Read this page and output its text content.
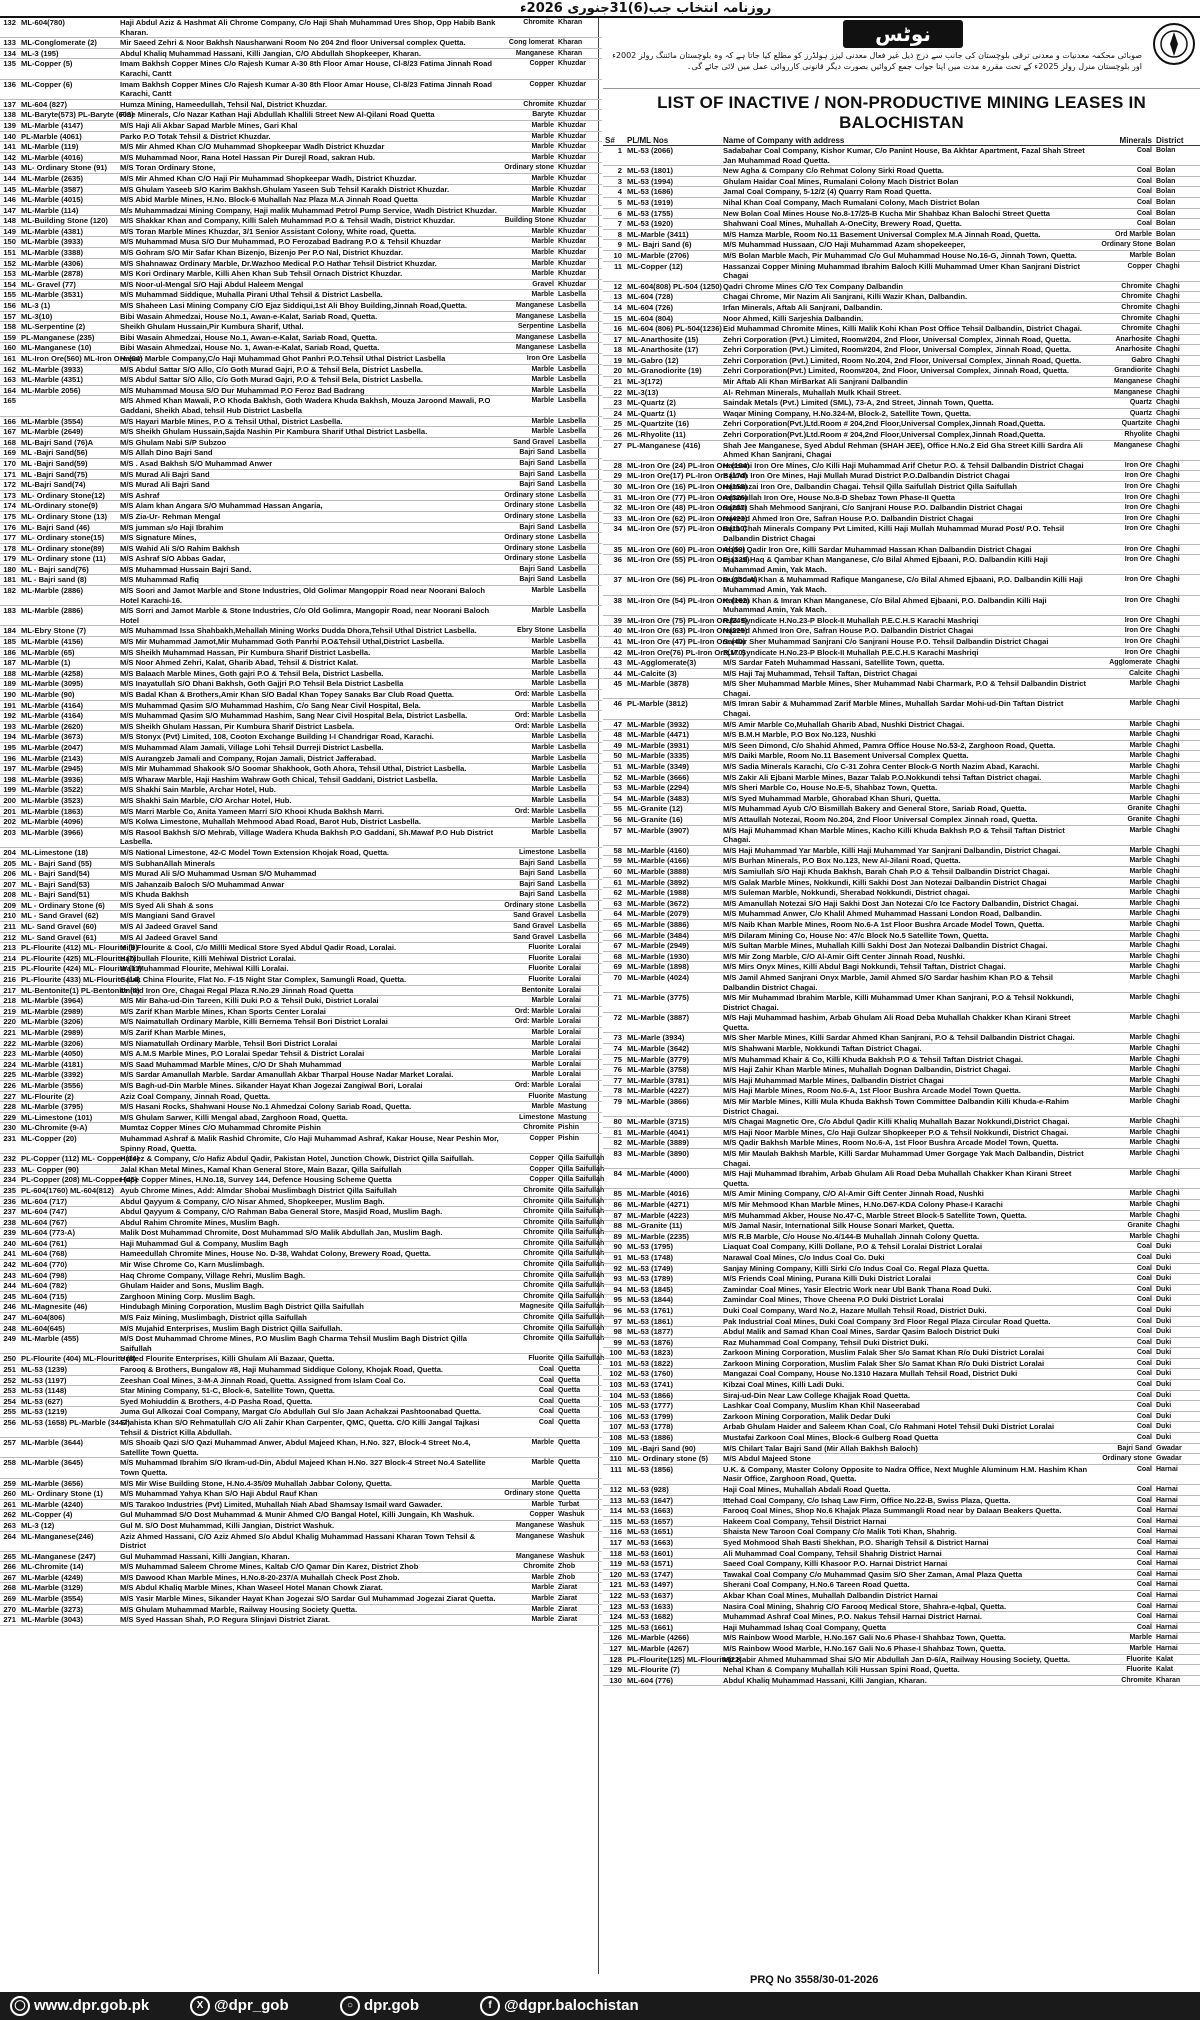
روزنامہ انتخاب جب(6)31جنوری 2026ء
132	ML-604(780)	Haji Abdul Aziz & Hashmat Ali Chrome Company, C/o Haji Shah Muhammad Ures Shop, Opp Habib Bank Kharan.	Chromite	Kharan
133	ML-Conglomerate (2)	Mir Saeed Zehri & Noor Bakhsh Nausharwani Room No 204 2nd floor Universal complex Quetta.	Cong lomerat	Kharan
134	ML-3 (195)	Abdul Khaliq Muhammad Hassani, Killi Jangian, C/O Abdullah Shopkeeper, Kharan.	Manganese	Kharan
135	ML-Copper (5)	Imam Bakhsh Copper Mines C/o Rajesh Kumar A-30 8th Floor Amar House, Cl-8/23 Fatima Jinnah Road Karachi, Cantt	Copper	Khuzdar
136	ML-Copper (6)	Imam Bakhsh Copper Mines C/o Rajesh Kumar A-30 8th Floor Amar House, Cl-8/23 Fatima Jinnah Road Karachi, Cantt	Copper	Khuzdar
137	ML-604 (827)	Humza Mining, Hameedullah, Tehsil Nal, District Khuzdar.	Chromite	Khuzdar
138	ML-Baryte(573) PL-Baryte (603)	Fine Minerals, C/o Nazar Kathan Haji Abdullah Khallili Street New Al-Qilani Road Quetta	Baryte	Khuzdar
139	ML-Marble (4147)	M/S Haji Ali Akbar Sapad Marble Mines, Gari Khal	Marble	Khuzdar
140	PL-Marble (4061)	Parko P.O Totak Tehsil & District Khuzdar.	Marble	Khuzdar
141	ML-Marble (119)	M/S Mir Ahmed Khan C/O Muhammad Shopkeepar Wadh District Khuzdar	Marble	Khuzdar
142	ML-Marble (4016)	M/S Muhammad Noor, Rana Hotel Hassan Pir Durejl Road, sakran Hub.	Marble	Khuzdar
143	ML- Ordinary Stone (91)	M/S Toran Ordinary Stone,	Ordinary stone	Khuzdar
144	ML-Marble (2635)	M/S Mir Ahmed Khan C/O Haji Pir Muhammad Shopkeepar Wadh, District Khuzdar.	Marble	Khuzdar
145	ML-Marble (3587)	M/S Ghulam Yaseeb S/O Karim Bakhsh.Ghulam Yaseen Sub Tehsil Karakh District Khuzdar.	Marble	Khuzdar
146	ML-Marble (4015)	M/S Abid Marble Mines, H.No. Block-6 Muhallah Naz Plaza M.A Jinnah Road Quetta	Marble	Khuzdar
147	ML-Marble (114)	M/s Muhammadzai Mining Company, Haji malik Muhammad Petrol Pump Service, Wadh District Khuzdar.	Marble	Khuzdar
148	ML-Building Stone (120)	M/S Shakkar Khan and Company, Killi Saleh Muhammad P.O & Tehsil Wadh, District Khuzdar.	Building Stone	Khuzdar
149	ML-Marble (4381)	M/S Toran Marble Mines Khuzdar, 3/1 Senior Assistant Colony, White road, Quetta.	Marble	Khuzdar
150	ML-Marble (3933)	M/S Muhammad Musa S/O Dur Muhammad, P.O Ferozabad Badrang P.O & Tehsil Khuzdar	Marble	Khuzdar
151	ML-Marble (3388)	M/S Gohram S/O Mir Safar Khan Bizenjo, Bizenjo Per P.O Nal, District Khuzdar.	Marble	Khuzdar
152	ML-Marble (4306)	M/S Shahnawaz Ordinary Marble, Dr.Wazhoo Medical P.O Hathar Tehsil District Khuzdar.	Marble	Khuzdar
153	ML-Marble (2878)	M/S Kori Ordinary Marble, Killi Ahen Khan Sub Tehsil Ornach District Khuzdar.	Marble	Khuzdar
154	ML- Gravel (77)	M/S Noor-ul-Mengal S/O Haji Abdul Haleem Mengal	Gravel	Khuzdar
155	ML-Marble (3531)	M/S Muhammad Siddique, Muhalla Pirani Uthal Tehsil & District Lasbella.	Marble	Lasbella
156	ML-3 (1)	M/S Shaheen Lasi Mining Company C/O Ejaz Siddiqui,1st Ali Bhoy Building,Jinnah Road,Quetta.	Manganese	Lasbella
157	ML-3(10)	Bibi Wasain Ahmedzai, House No.1, Awan-e-Kalat, Sariab Road, Quetta.	Manganese	Lasbella
158	ML-Serpentine (2)	Sheikh Ghulam Hussain,Pir Kumbura Sharif, Uthal.	Serpentine	Lasbella
159	PL-Manganese (235)	Bibi Wasain Ahmedzai, House No.1, Awan-e-Kalat, Sariab Road, Quetta.	Manganese	Lasbella
160	ML-Manganese (10)	Bibi Wasain Ahmedzai, House No. 1, Awan-e-Kalat, Sariab Road, Quetta.	Manganese	Lasbella
161	ML-Iron Ore(560) ML-Iron Ore (64)	Hasan Marble Company,C/o Haji Muhammad Ghot Panhri P.O.Tehsil Uthal District Lasbella	Iron Ore	Lasbella
162	ML-Marble (3933)	M/S Abdul Sattar S/O Allo, C/o Goth Murad Gajri, P.O & Tehsil Bela, District Lasbella.	Marble	Lasbella
163	ML-Marble (4351)	M/S Abdul Sattar S/O Allo, C/o Goth Murad Gajri, P.O & Tehsil Bela, District Lasbella.	Marble	Lasbella
164	ML-Marble 2056)	M/S Muhammad Mousa S/O Dur Muhammad P.O Feroz Bad Badrang	Marble	Lasbella
165		M/S Ahmed Khan Mawali, P.O Khoda Bakhsh, Goth Wadera Khuda Bakhsh, Mouza Jaroond Mawali, P.O Gaddani, Sheikh Abad, tehsil Hub District Lasbella	Marble	Lasbella
166	ML-Marble (3554)	M/S Hayari Marble Mines, P.O & Tehsil Uthal, District Lasbella.	Marble	Lasbella
167	ML-Marble (2649)	M/S Sheikh Ghulam Hussain,Sajda Nashin Pir Kambura Sharif Uthal District Lasbella.	Marble	Lasbella
168	ML-Bajri Sand (76)A	M/S Ghulam Nabi S/P Subzoo	Sand Gravel	Lasbella
169	ML -Bajri Sand(56)	M/S Allah Dino Bajri Sand	Bajri Sand	Lasbella
170	ML -Bajri Sand(59)	M/S . Asad Bakhsh S/O Muhammad Anwer	Bajri Sand	Lasbella
171	ML -Bajri Sand(75)	M/S Murad Ali Bajri Sand	Bajri Sand	Lasbella
172	ML-Bajri Sand(74)	M/S Murad Ali Bajri Sand	Bajri Sand	Lasbella
173	ML- Ordinary Stone(12)	M/S Ashraf	Ordinary stone	Lasbella
174	ML-Ordinary stone(9)	M/S Alam khan Angara S/O Muhammad Hassan Angaria,	Ordinary stone	Lasbella
175	ML- Ordinary Stone (13)	M/S Zia-Ur- Rehman Mengal	Ordinary stone	Lasbella
176	ML- Bajri Sand (46)	M/S jumman s/o Haji Ibrahim	Bajri Sand	Lasbella
177	ML- Ordinary stone(15)	M/S Signature Mines,	Ordinary stone	Lasbella
178	ML- Ordinary stone(89)	M/S Wahid Ali S/O Rahim Bakhsh	Ordinary stone	Lasbella
179	ML- Ordinary stone (11)	M/S Ashraf S/O Abbas Gadar,	Ordinary stone	Lasbella
180	ML - Bajri sand(76)	M/S Muhammad Hussain Bajri Sand.	Bajri Sand	Lasbella
181	ML - Bajri sand (8)	M/S Muhammad Rafiq	Bajri Sand	Lasbella
182	ML-Marble (2886)	M/S Soori and Jamot Marble and Stone Industries, Old Golimar Mangoppir Road near Noorani Baloch Hotel Karachi-16.	Marble	Lasbella
183	ML-Marble (2886)	M/S Sorri and Jamot Marble & Stone Industries, C/o Old Golimra, Mangopir Road, near Noorani Baloch Hotel	Marble	Lasbella
184	ML-Ebry Stone (7)	M/S Muhammad Issa Shahbakh,Mehallah Mining Works Dudda Dhora,Tehsil Uthal District Lasbella.	Ebry Stone	Lasbella
185	ML-Marble (4156)	M/S Mir Muhammad Jamot,Mir Muhammad Goth Panrhi P.O&Tehsil Uthal,District Lasbella.	Marble	Lasbella
186	ML-Marble (65)	M/S Sheikh Muhammad Hassan, Pir Kumbura Sharif District Lasbella.	Marble	Lasbella
187	ML-Marble (1)	M/S Noor Ahmed Zehri, Kalat, Gharib Abad, Tehsil & District Kalat.	Marble	Lasbella
188	ML-Marble (4258)	M/S Balaach Marble Mines, Goth gajri P.O & Tehsil Bela, District Lasbella.	Marble	Lasbella
189	ML-Marble (3095)	M/S Inayatullah S/O Dhani Bakhsh, Goth Gajjri P.O Tehsil Bela District Lasbella	Marble	Lasbella
190	ML-Marble (90)	M/S Badal Khan & Brothers,Amir Khan S/O Badal Khan Topey Sanaks Bar Club Road Quetta.	Ord: Marble	Lasbella
191	ML-Marble (4164)	M/S Muhammad Qasim S/O Muhammad Hashim, C/o Sang Near Civil Hospital, Bela.	Marble	Lasbella
192	ML-Marble (4164)	M/S Muhammad Qasim S/O Muhammad Hashim, Sang Near Civil Hospital Bela, District Lasbella.	Ord: Marble	Lasbella
193	ML-Marble (2620)	M/S Sheikh Ghulam Hassan, Pir Kumbura Sharif District Lasbela.	Ord: Marble	Lasbella
194	ML-Marble (3673)	M/S Stonyx (Pvt) Limited, 108, Cooton Exchange Building I-I Chandrigar Road, Karachi.	Marble	Lasbella
195	ML-Marble (2047)	M/S Muhammad Alam Jamali, Village Lohi Tehsil Durreji District Lasbella.	Marble	Lasbella
196	ML-Marble (2143)	M/S Aurangzeb Jamali and Company, Rojan Jamali, District Jafferabad.	Marble	Lasbella
197	ML-Marble (2945)	M/S Mir Muhammad Shakook S/O Soomar Shakhook, Goth Ahora, Tehsil Uthal, District Lasbella.	Marble	Lasbella
198	ML-Marble (3936)	M/S Wharaw Marble, Haji Hashim Wahraw Goth Chical, Tehsil Gaddani, District Lasbella.	Marble	Lasbella
199	ML-Marble (3522)	M/S Shakhi Sain Marble, Archar Hotel, Hub.	Marble	Lasbella
200	ML-Marble (3523)	M/S Shakhi Sain Marble, C/O Archar Hotel, Hub.	Marble	Lasbella
201	ML-Marble (1863)	M/S Marri Marble Co, Anita Yameen Marri S/O Khooi Khuda Bakhsh Marri.	Ord: Marble	Lasbella
202	ML-Marble (4096)	M/S Kolwa Limestone, Muhallah Mehmood Abad Road, Barot Hub, District Lasbella.	Marble	Lasbella
203	ML-Marble (3966)	M/S Rasool Bakhsh S/O Mehrab, Village Wadera Khuda Bakhsh P.O Gaddani, Sh.Mawaf P.O Hub District Lasbella.	Marble	Lasbella
204	ML-Limestone (18)	M/S National Limestone, 42-C Model Town Extension Khojak Road, Quetta.	Limestone	Lasbella
205	ML - Bajri Sand (55)	M/S SubhanAllah Minerals	Bajri Sand	Lasbella
206	ML - Bajri Sand(54)	M/S Murad Ali S/O Muhammad Usman S/O Muhammad	Bajri Sand	Lasbella
207	ML - Bajri Sand(53)	M/S Jahanzaib Baloch S/O Muhammad Anwar	Bajri Sand	Lasbella
208	ML - Bajri Sand(51)	M/S Khuda Bakhsh	Bajri Sand	Lasbella
209	ML - Ordinary Stone (6)	M/S Syed Ali Shah & sons	Ordinary stone	Lasbella
210	ML - Sand Gravel (62)	M/S Mangiani Sand Gravel	Sand Gravel	Lasbella
211	ML- Sand Gravel (60)	M/S Al Jadeed Gravel Sand	Sand Gravel	Lasbella
212	ML- Sand Gravel (61)	M/S Al Jadeed Gravel Sand	Sand Gravel	Lasbella
213	PL-Flourite (412) ML- Flourite (9)	Milli Flourite & Cool, C/o Millli Medical Store Syed Abdul Qadir Road, Loralai.	Fluorite	Loralai
214	PL-Flourite (425) ML-Flourite (7)	Habibullah Flourite, Killi Mehiwal District Loralai.	Fluorite	Loralai
215	PL-Flourite (424) ML- Flourite (11)	Wali Muhammad Flourite, Mehiwal Killi Loralai.	Fluorite	Loralai
216	PL-Flourite (433) ML-Flourite (14)	Galak China Flourite, Flat No. F-15 Night Star Complex, Samungli Road, Quetta.	Fluorite	Loralai
217	ML-Bentonite(1) PL-Bentonite (4)	United Iron Ore, Chagai Regal Plaza R.No.29 Jinnah Road Quetta	Bentonite	Loralai
218	ML-Marble (3964)	M/S Mir Baha-ud-Din Tareen, Killi Duki P.O & Tehsil Duki, District Loralai	Marble	Loralai
219	ML-Marble (2989)	M/S Zarif Khan Marble Mines, Khan Sports Center Loralai	Ord: Marble	Loralai
220	ML-Marble (3206)	M/S Naimatullah Ordinary Marble, Killi Bernema Tehsil Bori District Loralai	Ord: Marble	Loralai
221	ML-Marble (2989)	M/S Zarif Khan Marble Mines,	Marble	Loralai
222	ML-Marble (3206)	M/S Niamatullah Ordinary Marble, Tehsil Bori District Loralai	Marble	Loralai
223	ML-Marble (4050)	M/S A.M.S Marble Mines, P.O Loralai Spedar Tehsil & District Loralai	Marble	Loralai
224	ML-Marble (4181)	M/S Saad Muhammad Marble Mines, C/O Dr Shah Muhammad	Marble	Loralai
225	ML-Marble (3392)	M/S Sardar Amanullah Marble. Sardar Amanullah Akbar Tharpal House Nadar Market Loralai.	Marble	Loralai
226	ML-Marble (3556)	M/S Bagh-ud-Din Marble Mines. Sikander Hayat Khan Jogezai Zangiwal Bori, Loralai	Ord: Marble	Loralai
227	ML-Flourite (2)	Aziz Coal Company, Jinnah Road, Quetta.	Fluorite	Mastung
228	ML-Marble (3795)	M/S Hasani Rocks, Shahwani House No.1 Ahmedzai Colony Sariab Road, Quetta.	Marble	Mastung
229	ML-Limestone (101)	M/S Ghulam Sarwer, Killi Mengal abad, Zarghoon Road, Quetta.	Limestone	Mastung
230	ML-Chromite (9-A)	Mumtaz Copper Mines C/O Muhammad Chromite Pishin	Chromite	Pishin
231	ML-Copper (20)	Muhammad Ashraf & Malik Rashid Chromite, C/o Haji Muhammad Ashraf, Kakar House, Near Peshin Mor, Spinny Road, Quetta.	Copper	Pishin
232	PL-Copper (112) ML- Copper (14)	Hafeez & Company, C/o Hafiz Abdul Qadir, Pakistan Hotel, Junction Chowk, District Qilla Saifullah.	Copper	Qilla Saifullah
233	ML- Copper (90)	Jalal Khan Metal Mines, Kamal Khan General Store, Main Bazar, Qilla Saifullah	Copper	Qilla Saifullah
234	PL-Copper (208) ML-Copper (45)	Hope Copper Mines, H.No.18, Survey 144, Defence Housing Scheme Quetta	Copper	Qilla Saifullah
235	PL-604(1760) ML-604(812)	Ayub Chrome Mines, Add: Almdar Shobai Muslimbagh District Qilla Saifullah	Chromite	Qilla Saifullah
236	ML-604 (717)	Abdul Qayyum & Company, C/O Nisar Ahmed, Shopkeeper, Muslim Bagh.	Chromite	Qilla Saifullah
237	ML-604 (747)	Abdul Qayyum & Company, C/O Rahman Baba General Store, Masjid Road, Muslim Bagh.	Chromite	Qilla Saifullah
238	ML-604 (767)	Abdul Rahim Chromite Mines, Muslim Bagh.	Chromite	Qilla Saifullah
239	ML-604 (773-A)	Malik Dost Muhammad Chromite, Dost Muhammad S/O Malik Abdullah Jan, Muslim Bagh.	Chromite	Qilla Saifullah
240	ML-604 (761)	Haji Muhammad Gul & Company, Muslim Bagh	Chromite	Qilla Saifullah
241	ML-604 (768)	Hameedullah Chromite Mines, House No. D-38, Wahdat Colony, Brewery Road, Quetta.	Chromite	Qilla Saifullah
242	ML-604 (770)	Mir Wise Chrome Co, Karn Muslimbagh.	Chromite	Qilla Saifullah
243	ML-604 (798)	Haq Chrome Company, Village Rehri, Muslim Bagh.	Chromite	Qilla Saifullah
244	ML-604 (782)	Ghulam Haider and Sons, Muslim Bagh.	Chromite	Qilla Saifullah
245	ML-604 (715)	Zarghoon Mining Corp. Muslim Bagh.	Chromite	Qilla Saifullah
246	ML-Magnesite (46)	Hindubagh Mining Corporation, Muslim Bagh District Qilla Saifullah	Magnesite	Qilla Saifullah
247	ML-604(806)	M/S Faiz Mining, Muslimbagh, District qilla Saifullah	Chromite	Qilla Saifullah
248	ML-604(645)	M/S Mujahid Enterprises, Muslim Bagh District Qilla Saifullah.	Chromite	Qilla Saifullah
249	ML-Marble (455)	M/S Dost Muhammad Chrome Mines, P.O Muslim Bagh Charma Tehsil Muslim Bagh District Qilla Saifullah	Chromite	Qilla Saifullah
250	PL-Flourite (404) ML-Flourite (8)	United Flourite Enterprises, Killi Ghulam Ali Bazaar, Quetta.	Fluorite	Qilla Saifullah
251	ML-53 (1239)	Farooq & Brothers, Bungalow #8, Haji Muhammad Siddique Colony, Khojak Road, Quetta.	Coal	Quetta
252	ML-53 (1197)	Zeeshan Coal Mines, 3-M-A Jinnah Road, Quetta. Assigned from Islam Coal Co.	Coal	Quetta
253	ML-53 (1148)	Star Mining Company, 51-C, Block-6, Satellite Town, Quetta.	Coal	Quetta
254	ML-53 (627)	Syed Mohiuddin & Brothers, 4-D Pasha Road, Quetta.	Coal	Quetta
255	ML-53 (1219)	Juma Gul Alkozai Coal Company, Margat C/o Abdullah Gul S/o Jaan Achakzai Pashtoonabad Quetta.	Coal	Quetta
256	ML-53 (1658) PL-Marble (3447)	Shahista Khan S/O Rehmatullah C/O Ali Zahir Khan Carpenter, QMC, Quetta. C/O Killi Jangal Tajkasi Tehsil & District Killa Abdullah.	Coal	Quetta
257	ML-Marble (3644)	M/S Shoaib Qazi S/O Qazi Muhammad Anwer, Abdul Majeed Khan, H.No. 327, Block-4 Street No.4, Satellite Town Quetta.	Marble	Quetta
258	ML-Marble (3645)	M/S Muhammad Ibrahim S/O Ikram-ud-Din, Abdul Majeed Khan H.No. 327 Block-4 Street No.4 Satellite Town Quetta.	Marble	Quetta
259	ML-Marble (3656)	M/S Mir Wise Building Stone, H.No.4-35/09 Muhallah Jabbar Colony, Quetta.	Marble	Quetta
260	ML- Ordinary Stone (1)	M/S Muhammad Yahya Khan S/O Haji Abdul Rauf Khan	Ordinary stone	Quetta
261	ML-Marble (4240)	M/S Tarakoo Industries (Pvt) Limited, Muhallah Niah Abad Shamsay Ismail ward Gawader.	Marble	Turbat
262	ML-Copper (4)	Gul Muhammad S/O Dost Muhammad & Munir Ahmed C/O Bangal Hotel, Killi Jungain, Kh Washuk.	Copper	Washuk
263	ML-3 (12)	Gul M. S/O Dost Muhammad, Killi Jangian, District Washuk.	Manganese	Washuk
264	ML-Manganese(246)	Aziz Ahmed Hassani, C/O Aziz Ahmed S/o Abdul Khalig Muhammad Hassani Kharan Town Tehsil & District	Manganese	Washuk
265	ML-Manganese (247)	Gul Muhammad Hassani, Killi Jangian, Kharan.	Manganese	Washuk
266	ML-Chromite (14)	M/S Muhammad Saleem Chrome Mines, Kaltab C/O Qamar Din Karez, District Zhob	Chromite	Zhob
267	ML-Marble (4249)	M/S Dawood Khan Marble Mines, H.No.8-20-237/A Muhallah Check Post Zhob.	Marble	Zhob
268	ML-Marble (3129)	M/S Abdul Khaliq Marble Mines, Khan Waseel Hotel Manan Chowk Ziarat.	Marble	Ziarat
269	ML-Marble (3554)	M/S Yasir Marble Mines, Sikander Hayat Khan Jogezai S/O Sardar Gul Muhammad Jogezai Ziarat Quetta.	Marble	Ziarat
270	ML-Marble (3273)	M/S Ghulam Muhammad Marble, Railway Housing Society Quetta.	Marble	Ziarat
271	ML-Marble (3043)	M/S Syed Hassan Shah, P.O Regura Slinjavi District Ziarat.	Marble	Ziarat
نوٹس
صوبائی محکمہ معدنیات و معدنی ترقی بلوچستان کی جانب سے درج ذیل غیر فعال معدنی لیزز ہولڈرز کو مطلع کیا جاتا ہے کہ وہ بلوچستان مائننگ رولز 2002ء اور بلوچستان منرل رولز 2025ء کے تحت مقررہ مدت میں اپنا جواب جمع کروائیں بصورت دیگر قانونی کارروائی عمل میں لائی جائے گی۔
LIST OF INACTIVE / NON-PRODUCTIVE MINING LEASES IN BALOCHISTAN
S#	PL/ML Nos	Name of Company with address	Minerals	District
1	ML-53 (2066)	Sadabahar Coal Company, Kishor Kumar, C/o Panint House, Ba Akhtar Apartment, Fazal Shah Street Jan Muhammad Road Quetta.	Coal	Bolan
2	ML-53 (1801)	New Agha & Company C/o Rehmat Colony Sirki Road Quetta.	Coal	Bolan
3	ML-53 (1994)	Ghulam Haidar Coal Mines, Rumalani Colony Mach District Bolan	Coal	Bolan
4	ML-53 (1686)	Jamal Coal Company, 5-12/2 (4) Quarry Ram Road Quetta.	Coal	Bolan
5	ML-53 (1919)	Nihal Khan Coal Company, Mach Rumalani Colony, Mach District Bolan	Coal	Bolan
6	ML-53 (1755)	New Bolan Coal Mines House No.8-17/25-B Kucha Mir Shahbaz Khan Balochi Street Quetta	Coal	Bolan
7	ML-53 (1920)	Shahwani Coal Mines, Muhallah A-OneCity, Brewery Road, Quetta.	Coal	Bolan
8	ML-Marble (3411)	M/S Hamza Marble, Room No.11 Basement Universal Complex M.A Jinnah Road, Quetta.	Ord Marble	Bolan
9	ML- Bajri Sand (6)	M/S Muhammad Hussaan, C/O Haji Muhammad Azam shopekeeper,	Ordinary Stone	Bolan
10	ML-Marble (2706)	M/S Bolan Marble Mach, Pir Muhammad C/o Gul Muhammad House No.16-G, Jinnah Town, Quetta.	Marble	Bolan
11	ML-Copper (12)	Hassanzai Copper Mining Muhammad Ibrahim Baloch Killi Muhammad Umer Khan Sanjrani District Chagai	Copper	Chaghi
12	ML-604(808) PL-504 (1250)	Qadri Chrome Mines C/O Tex Company Dalbandin	Chromite	Chaghi
13	ML-604 (728)	Chagai Chrome, Mir Nazim Ali Sanjrani, Killi Wazir Khan, Dalbandin.	Chromite	Chaghi
14	ML-604 (726)	Irfan Minerals, Aftab Ali Sanjrani, Dalbandin.	Chromite	Chaghi
15	ML-604 (804)	Noor Ahmed, Killi Sarjeshia Dalbandin.	Chromite	Chaghi
16	ML-604 (806) PL-504(1236)	Eid Muhammad Chromite Mines, Killi Malik Kohi Khan Post Office Tehsil Dalbandin, District Chagai.	Chromite	Chaghi
17	ML-Anarthosite (15)	Zehri Corporation (Pvt.) Limited, Room#204, 2nd Floor, Universal Complex, Jinnah Road, Quetta.	Anarhosite	Chaghi
18	ML-Anarthosite (17)	Zehri Corporation (Pvt.) Limited, Room#204, 2nd Floor, Universal Complex, Jinnah Road, Quetta.	Anarhosite	Chaghi
19	ML-Gabro (12)	Zehri Corporation (Pvt.) Limited, Room No.204, 2nd Floor, Universal Complex, Jinnah Road, Quetta.	Gabro	Chaghi
20	ML-Granodiorite (19)	Zehri Corporation(Pvt.) Limited, Room#204, 2nd Floor, Universal Complex, Jinnah Road, Quetta.	Grandiorite	Chaghi
21	ML-3(172)	Mir Aftab Ali Khan MirBarkat Ali Sanjrani Dalbandin	Manganese	Chaghi
22	ML-3(13)	Al- Rehman Minerals, Muhallah Mulk Khail Street.	Manganese	Chaghi
23	ML-Quartz (2)	Saindak Metals (Pvt.) Limited (SML), 73-A, 2nd Street, Jinnah Town, Quetta.	Quartz	Chaghi
24	ML-Quartz (1)	Waqar Mining Company, H.No.324-M, Block-2, Satellite Town, Quetta.	Quartz	Chaghi
25	ML-Quartzite (16)	Zehri Corporation(Pvt.)Ltd.Room # 204,2nd Floor,Universal Complex,Jinnah Road,Quetta.	Quartzite	Chaghi
26	ML-Rhyolite (11)	Zehri Corporation(Pvt.)Ltd.Room # 204,2nd Floor,Universal Complex,Jinnah Road,Quetta.	Rhyolite	Chaghi
27	PL-Manganese (416)	Shah Jee Manganese, Syed Abdul Rehman (SHAH JEE), Office H.No.2 Eid Gha Street Killi Sardra Ali Ahmed Khan Sanjrani, Chagai	Manganese	Chaghi
28	ML-Iron Ore (24) PL-Iron Ore (194)	Hassani Iron Ore Mines, C/o Killi Haji Muhammad Arif Chetur P.O. & Tehsil Dalbandin District Chagai	Iron Ore	Chaghi
29	ML-Iron Ore(17) PL-Iron Ore (174)	Baloch Iron Ore Mines, Haji Mullah Murad District P.O.Dalbandin District Chagai	Iron Ore	Chaghi
30	ML-Iron Ore (16) PL-Iron Ore(158)	Hamanzai Iron Ore, Dalbandin Chagai. Tehsil Qilla Saifullah District Qilla Saifullah	Iron Ore	Chaghi
31	ML-Iron Ore (77) PL-Iron Ore(326)	Amanullah Iron Ore, House No.8-D Shebaz Town Phase-II Quetta	Iron Ore	Chaghi
32	ML-Iron Ore (48) PL-Iron Ore(287)	Sardar Shah Mehmood Sanjrani, C/o Sanjrani House P.O. Dalbandin District Chagai	Iron Ore	Chaghi
33	ML-Iron Ore (62) PL-Iron Ore(423)	Naveed Ahmed Iron Ore, Safran House P.O. Dalbandin District Chagai	Iron Ore	Chaghi
34	ML-Iron Ore (57) PL-Iron Ore(110)	Barb Chah Minerals Company Pvt Limited, Killi Haji Mullah Muhammad Murad Post/ P.O. Tehsil Dalbandin District Chagai	Iron Ore	Chaghi
35	ML-Iron Ore (60) PL-Iron Ore (59)	Abdul Qadir Iron Ore, Killi Sardar Muhammad Hassan Khan Dalbandin District Chagai	Iron Ore	Chaghi
36	ML-Iron Ore (55) PL-Iron Ore (329)	Ejaz-ul-Haq & Qambar Khan Manganese, C/o Bilal Ahmed Ejbaani, P.O. Dalbandin Killi Haji Muhammad Amin, Yak Mach.	Iron Ore	Chaghi
37	ML-Iron Ore (56) PL-Iron Ore (330-A)	Bughdad Khan & Muhammad Rafique Manganese, C/o Bilal Ahmed Ejbaani, P.O. Dalbandin Killi Haji Muhammad Amin, Yak Mach.	Iron Ore	Chaghi
38	ML-Iron Ore (54) PL-Iron Ore (162)	Kaleem Khan & Imran Khan Manganese, C/o Bilal Ahmed Ejbaani, P.O. Dalbandin Killi Haji Muhammad Amin, Yak Mach.	Iron Ore	Chaghi
39	ML-Iron Ore (75) PL-Iron Ore(249)	R.M. Syndicate H.No.23-P Block-II Muhallah P.E.C.H.S Karachi Mashriqi	Iron Ore	Chaghi
40	ML-Iron Ore (63) PL-Iron Ore(225)	Naveed Ahmed Iron Ore, Safran House P.O. Dalbandin District Chagai	Iron Ore	Chaghi
41	ML-Iron Ore (47) PL-Iron Ore (40)	Sardar Sher Muhammad Sanjrani C/o Sanjrani House P.O. Tehsil Dalbandin District Chagai	Iron Ore	Chaghi
42	ML-Iron Ore(76) PL-Iron Ore(170)	R.M. Syndicate H.No.23-P Block-II Muhallah P.E.C.H.S Karachi Mashriqi	Iron Ore	Chaghi
43	ML-Agglomerate(3)	M/S Sardar Fateh Muhammad Hassani, Satellite Town, quetta.	Agglomerate	Chaghi
44	ML-Calcite (3)	M/S Haji Taj Muhammad, Tehsil Taftan, District Chagai	Calcite	Chaghi
45	ML-Marble (3878)	M/S Sher Muhammad Marble Mines, Sher Muhammad Nabi Charmark, P.O & Tehsil Dalbandin District Chagai.	Marble	Chaghi
46	PL-Marble (3812)	M/S Imran Sabir & Muhammad Zarif Marble Mines, Muhallah Sardar Mohi-ud-Din Taftan District Chagai.	Marble	Chaghi
47	ML-Marble (3932)	M/S Amir Marble Co,Muhallah Gharib Abad, Nushki District Chagai.	Marble	Chaghi
48	ML-Marble (4471)	M/S B.M.H Marble, P.O Box No.123, Nushki	Marble	Chaghi
49	ML-Marble (3931)	M/S Seen Dimond, C/o Shahid Ahmed, Pamra Office House No.53-2, Zarghoon Road, Quetta.	Marble	Chaghi
50	ML-Marble (3335)	M/S Daiki Marble, Room No.11 Basement Universal Complex Quetta.	Marble	Chaghi
51	ML-Marble (3349)	M/S Sadia Minerals Karachi, C/o C-31 Zohra Center Block-G North Nazim Abad, Karachi.	Marble	Chaghi
52	ML-Marble (3666)	M/S Zakir Ali Ejbani Marble Mines, Bazar Talab P.O.Nokkundi tehsi Taftan District chagai.	Marble	Chaghi
53	ML-Marble (2294)	M/S Sheri Marble Co, House No.E-5, Shahbaz Town, Quetta.	Marble	Chaghi
54	ML-Marble (3483)	M/S Syed Muhammad Marble, Ghorabad Khan Shuri, Quetta.	Marble	Chaghi
55	ML-Granite (12)	M/S Muhammad Ayub C/O Bismillah Bakery and General Store, Sariab Road, Quetta.	Granite	Chaghi
56	ML-Granite (16)	M/S Attaullah Notezai, Room No.204, 2nd Floor Universal Complex Jinnah road, Quetta.	Granite	Chaghi
57	ML-Marble (3907)	M/S Haji Muhammad Khan Marble Mines, Kacho Killi Khuda Bakhsh P.O & Tehsil Taftan District Chagai.	Marble	Chaghi
58	ML-Marble (4160)	M/S Haji Muhammad Yar Marble, Killi Haji Muhammad Yar Sanjrani Dalbandin, District Chagai.	Marble	Chaghi
59	ML-Marble (4166)	M/S Burhan Minerals, P.O Box No.123, New Al-Jilani Road, Quetta.	Marble	Chaghi
60	ML-Marble (3888)	M/S Samiullah S/O Haji Khuda Bakhsh, Barah Chah P.O & Tehsil Dalbandin District Chagai.	Marble	Chaghi
61	ML-Marble (3892)	M/S Galak Marble Mines, Nokkundi, Killi Sakhi Dost Jan Notezai Dalbandin District Chagai	Marble	Chaghi
62	ML-Marble (1988)	M/S Suleman Marble, Nokkundi, Sherabad Nokkundi, District chagai.	Marble	Chaghi
63	ML-Marble (3672)	M/S Amanullah Notezai S/O Haji Sakhi Dost Jan Notezai C/o Ice Factory Dalbandin, District Chagai.	Marble	Chaghi
64	ML-Marble (2079)	M/S Muhammad Anwer, C/o Khalil Ahmed Muhammad Hassani London Road, Dalbandin.	Marble	Chaghi
65	ML-Marble (3886)	M/S Naib Khan Marble Mines, Room No.6-A 1st Floor Bushra Arcade Model Town, Quetta.	Marble	Chaghi
66	ML-Marble (3484)	M/S Dilaram Mining Co, House No: 47/c Block No.5 Satellite Town, Quetta.	Marble	Chaghi
67	ML-Marble (2949)	M/S Sultan Marble Mines, Muhallah Killi Sakhi Dost Jan Notezai Dalbandin District Chagai.	Marble	Chaghi
68	ML-Marble (1930)	M/S Mir Zong Marble, C/O Al-Amir Gift Center Jinnah Road, Nushki.	Marble	Chaghi
69	ML-Marble (1898)	M/S Mirs Onyx Mines, Killi Abdul Bagi Nokkundi, Tehsil Taftan, District Chagai.	Marble	Chaghi
70	ML-Marble (4024)	M/S Jamil Ahmed Sanjrani Onyx Marble, Jamil Ahmed S/O Sardar hashim Khan P.O & Tehsil Dalbandin District Chagai.	Marble	Chaghi
71	ML-Marble (3775)	M/S Mir Muhammad Ibrahim Marble, Killi Muhammad Umer Khan Sanjrani, P.O & Tehsil Nokkundi, District Chagai.	Marble	Chaghi
72	ML-Marble (3887)	M/S Haji Muhammad hashim, Arbab Ghulam Ali Road Deba Muhallah Chakker Khan Kirani Street Quetta.	Marble	Chaghi
73	ML-Marle (3934)	M/S Sher Marble Mines, Killi Sardar Ahmed Khan Sanjrani, P.O & Tehsil Dalbandin District Chagai.	Marble	Chaghi
74	ML-Marble (3642)	M/S Shahwani Marble, Nokkundi Taftan District Chagai.	Marble	Chaghi
75	ML-Marble (3779)	M/S Muhammad Khair & Co, Killi Khuda Bakhsh P.O & Tehsil Taftan District Chagai.	Marble	Chaghi
76	ML-Marble (3758)	M/S Haji Zahir Khan Marble Mines, Muhallah Dognan Dalbandin, District Chagai.	Marble	Chaghi
77	ML-Marble (3781)	M/S Haji Muhammad Marble Mines, Dalbandin District Chagai	Marble	Chaghi
78	ML-Marble (4227)	M/S Haji Marble Mines, Room No.6-A, 1st Floor Bushra Arcade Model Town Quetta.	Marble	Chaghi
79	ML-Marble (3866)	M/S Mir Marble Mines, Killi Mula Khuda Bakhsh Town Committee Dalbandin Killi Khuda-e-Rahim District Chagai.	Marble	Chaghi
80	ML-Marble (3715)	M/S Chagai Magnetic Ore, C/o Abdul Qadir Killi Khaliq Muhallah Bazar Nokkundi,District Chagai.	Marble	Chaghi
81	ML-Marble (4041)	M/S Haji Noor Marble Mines, C/o Haji Gulzar Shopkeeper P.O & Tehsil Nokkundi, District Chagai.	Marble	Chaghi
82	ML-Marble (3889)	M/S Qadir Bakhsh Marble Mines, Room No.6-A, 1st Floor Bushra Arcade Model Town, Quetta.	Marble	Chaghi
83	ML-Marble (3890)	M/S Mir Maulah Bakhsh Marble, Killi Sardar Muhammad Umer Gorgage Yak Mach Dalbandin, District Chagai.	Marble	Chaghi
84	ML-Marble (4000)	M/S Haji Muhammad Ibrahim, Arbab Ghulam Ali Road Deba Muhallah Chakker Khan Kirani Street Quetta.	Marble	Chaghi
85	ML-Marble (4016)	M/S Amir Mining Company, C/O Al-Amir Gift Center Jinnah Road, Nushki	Marble	Chaghi
86	ML-Marble (4271)	M/S Mir Mehmood Khan Marble Mines, H.No.D67-KDA Colony Phase-I Karachi	Marble	Chaghi
87	ML-Marble (4223)	M/S Muhammad Akber, House No.47-C, Marble Street Block-5 Satellite Town, Quetta.	Marble	Chaghi
88	ML-Granite (11)	M/S Jamal Nasir, International Silk House Sonari Market, Quetta.	Granite	Chaghi
89	ML-Marble (2235)	M/S R.B Marble, C/o House No.4/144-B Muhallah Jinnah Colony Quetta.	Marble	Chaghi
90	ML-53 (1795)	Liaquat Coal Company, Killi Dollane, P.O & Tehsil Loralai District Loralai	Coal	Duki
91	ML-53 (1748)	Narawal Coal Mines, C/o Indus Coal Co. Duki	Coal	Duki
92	ML-53 (1749)	Sanjay Mining Company, Killi Sirki C/o Indus Coal Co. Regal Plaza Quetta.	Coal	Duki
93	ML-53 (1789)	M/S Friends Coal Mining, Purana Killi Duki District Loralai	Coal	Duki
94	ML-53 (1845)	Zamindar Coal Mines, Yasir Electric Work near Ubl Bank Thana Road Duki.	Coal	Duki
95	ML-53 (1844)	Zamindar Coal Mines, Thove Cheena P.O Duki District Loralai	Coal	Duki
96	ML-53 (1761)	Duki Coal Company, Ward No.2, Hazare Mullah Tehsil Road, District Duki.	Coal	Duki
97	ML-53 (1861)	Pak Industrial Coal Mines, Duki Coal Company 3rd Floor Regal Plaza Circular Road Quetta.	Coal	Duki
98	ML-53 (1877)	Abdul Malik and Samad Khan Coal Mines, Sardar Qasim Baloch District Duki	Coal	Duki
99	ML-53 (1876)	Raz Muhammad Coal Company, Tehsil Duki District Duki.	Coal	Duki
100	ML-53 (1823)	Zarkoon Mining Corporation, Muslim Falak Sher S/o Samat Khan R/o Duki District Loralai	Coal	Duki
101	ML-53 (1822)	Zarkoon Mining Corporation, Muslim Falak Sher S/o Samat Khan R/o Duki District Loralai	Coal	Duki
102	ML-53 (1760)	Mangazai Coal Company, House No.1310 Hazara Mullah Tehsil Road, District Duki	Coal	Duki
103	ML-53 (1741)	Kibzai Coal Mines, Killi Ladi Duki.	Coal	Duki
104	ML-53 (1866)	Siraj-ud-Din Near Law College Khajjak Road Quetta.	Coal	Duki
105	ML-53 (1777)	Lashkar Coal Company, Muslim Khan Khil Naseerabad	Coal	Duki
106	ML-53 (1799)	Zarkoon Mining Corporation, Malik Dedar Duki	Coal	Duki
107	ML-53 (1778)	Arbab Ghulam Haider and Saleem Khan Coal, C/o Rahmani Hotel Tehsil Duki District Loralai	Coal	Duki
108	ML-53 (1886)	Mustafai Zarkoon Coal Mines, Block-6 Gulberg Road Quetta	Coal	Duki
109	ML -Bajri Sand (90)	M/S Chilart Talar Bajri Sand (Mir Allah Bakhsh Baloch)	Bajri Sand	Gwadar
110	ML- Ordinary stone (5)	M/S Abdul Majeed Stone	Ordinary stone	Gwadar
111	ML-53 (1856)	U.K. & Company, Master Colony Opposite to Nadra Office, Next Mughle Aluminum H.M. Hashim Khan Nasir Office, Zarghoon Road, Quetta.	Coal	Harnai
112	ML-53 (928)	Haji Coal Mines, Muhallah Abdali Road Quetta.	Coal	Harnai
113	ML-53 (1647)	Ittehad Coal Company, C/o Ishaq Law Firm, Office No.22-B, Swiss Plaza, Quetta.	Coal	Harnai
114	ML-53 (1663)	Farooq Coal Mines, Shop No.6 Khajak Plaza Summangli Road near by Dalaan Beakers Quetta.	Coal	Harnai
115	ML-53 (1657)	Hakeem Coal Company, Tehsil District Harnai	Coal	Harnai
116	ML-53 (1651)	Shaista New Taroon Coal Company C/o Malik Toti Khan, Shahrig.	Coal	Harnai
117	ML-53 (1663)	Syed Mohmood Shah Basti Shekhan, P.O. Sharigh Tehsil & District Harnai	Coal	Harnai
118	ML-53 (1601)	Ali Muhammad Coal Company, Tehsil Shahrig District Harnai	Coal	Harnai
119	ML-53 (1571)	Saeed Coal Company, Killi Khasoor P.O. Harnai District Harnai	Coal	Harnai
120	ML-53 (1747)	Tawakal Coal Company C/o Muhammad Qasim S/O Sher Zaman, Amal Plaza Quetta	Coal	Harnai
121	ML-53 (1497)	Sherani Coal Company, H.No.6 Tareen Road Quetta.	Coal	Harnai
122	ML-53 (1637)	Akbar Khan Coal Mines, Muhallah Dalbandin District Harnai	Coal	Harnai
123	ML-53 (1633)	Nasira Coal Mining, Shahrig C/O Farooq Medical Store, Shahra-e-Iqbal, Quetta.	Coal	Harnai
124	ML-53 (1682)	Muhammad Ashraf Coal Mines, P.O. Nakus Tehsil Harnai District Harnai.	Coal	Harnai
125	ML-53 (1661)	Haji Muhammad Ishaq Coal Company, Quetta	Coal	Harnai
126	ML-Marble (4266)	M/S Rainbow Wood Marble, H.No.167 Gali No.6 Phase-I Shahbaz Town, Quetta.	Marble	Harnai
127	ML-Marble (4267)	M/S Rainbow Wood Marble, H.No.167 Gali No.6 Phase-I Shahbaz Town, Quetta.	Marble	Harnai
128	PL-Flourite(125) ML-Flourite(22)	Mir Kabir Ahmed Muhammad Shai S/O Mir Abdullah Jan D-6/A, Railway Housing Society, Quetta.	Fluorite	Kalat
129	ML-Flourite (7)	Nehal Khan & Company Muhallah Kili Hussan Spini Road, Quetta.	Fluorite	Kalat
130	ML-604 (776)	Abdul Khaliq Muhammad Hassani, Killi Jangian, Kharan.	Chromite	Kharan
PRQ No 3558/30-01-2026
◯ www.dpr.gob.pk	X @dpr_gob	○ dpr.gob	f @dgpr.balochistan
